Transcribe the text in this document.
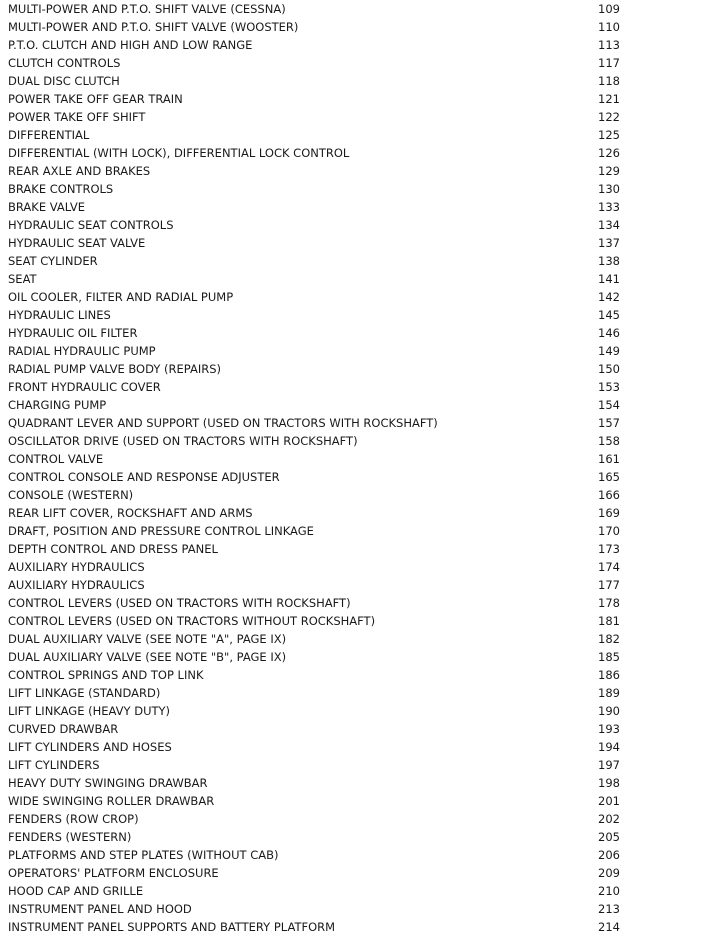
MULTI-POWER AND P.T.O. SHIFT VALVE (CESSNA)	109
MULTI-POWER AND P.T.O. SHIFT VALVE (WOOSTER)	110
P.T.O. CLUTCH AND HIGH AND LOW RANGE	113
CLUTCH CONTROLS	117
DUAL DISC CLUTCH	118
POWER TAKE OFF GEAR TRAIN	121
POWER TAKE OFF SHIFT	122
DIFFERENTIAL	125
DIFFERENTIAL (WITH LOCK), DIFFERENTIAL LOCK CONTROL	126
REAR AXLE AND BRAKES	129
BRAKE CONTROLS	130
BRAKE VALVE	133
HYDRAULIC SEAT CONTROLS	134
HYDRAULIC SEAT VALVE	137
SEAT CYLINDER	138
SEAT	141
OIL COOLER, FILTER AND RADIAL PUMP	142
HYDRAULIC LINES	145
HYDRAULIC OIL FILTER	146
RADIAL HYDRAULIC PUMP	149
RADIAL PUMP VALVE BODY (REPAIRS)	150
FRONT HYDRAULIC COVER	153
CHARGING PUMP	154
QUADRANT LEVER AND SUPPORT (USED ON TRACTORS WITH ROCKSHAFT)	157
OSCILLATOR DRIVE (USED ON TRACTORS WITH ROCKSHAFT)	158
CONTROL VALVE	161
CONTROL CONSOLE AND RESPONSE ADJUSTER	165
CONSOLE (WESTERN)	166
REAR LIFT COVER, ROCKSHAFT AND ARMS	169
DRAFT, POSITION AND PRESSURE CONTROL LINKAGE	170
DEPTH CONTROL AND DRESS PANEL	173
AUXILIARY HYDRAULICS	174
AUXILIARY HYDRAULICS	177
CONTROL LEVERS (USED ON TRACTORS WITH ROCKSHAFT)	178
CONTROL LEVERS (USED ON TRACTORS WITHOUT ROCKSHAFT)	181
DUAL AUXILIARY VALVE (SEE NOTE "A", PAGE IX)	182
DUAL AUXILIARY VALVE (SEE NOTE "B", PAGE IX)	185
CONTROL SPRINGS AND TOP LINK	186
LIFT LINKAGE (STANDARD)	189
LIFT LINKAGE (HEAVY DUTY)	190
CURVED DRAWBAR	193
LIFT CYLINDERS AND HOSES	194
LIFT CYLINDERS	197
HEAVY DUTY SWINGING DRAWBAR	198
WIDE SWINGING ROLLER DRAWBAR	201
FENDERS (ROW CROP)	202
FENDERS (WESTERN)	205
PLATFORMS AND STEP PLATES (WITHOUT CAB)	206
OPERATORS' PLATFORM ENCLOSURE	209
HOOD CAP AND GRILLE	210
INSTRUMENT PANEL AND HOOD	213
INSTRUMENT PANEL SUPPORTS AND BATTERY PLATFORM	214
